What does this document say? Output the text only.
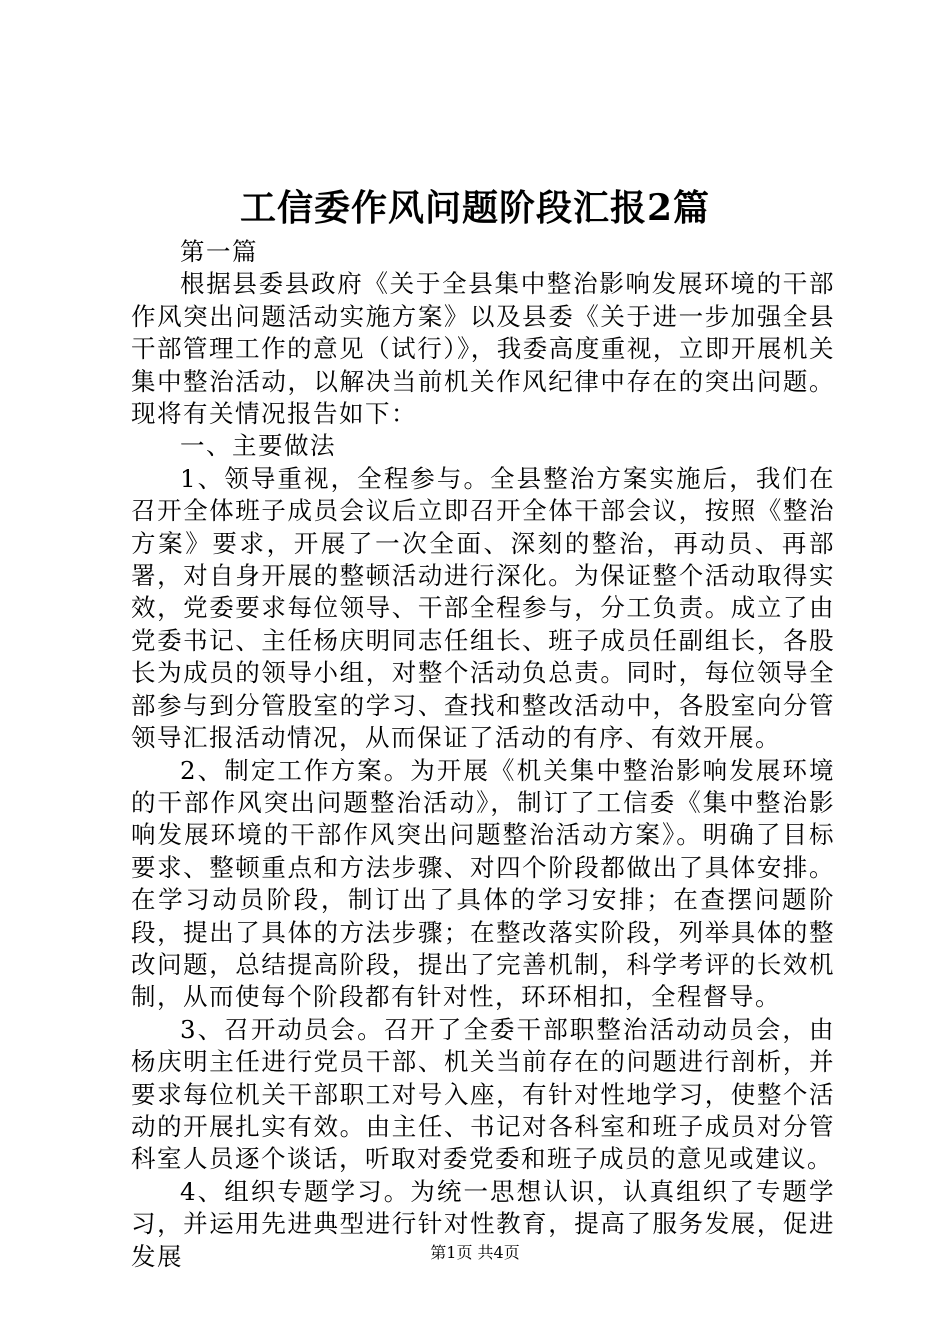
工信委作风问题阶段汇报2篇

第一篇

根据县委县政府《关于全县集中整治影响发展环境的干部作风突出问题活动实施方案》以及县委《关于进一步加强全县干部管理工作的意见（试行）》，我委高度重视，立即开展机关集中整治活动，以解决当前机关作风纪律中存在的突出问题。现将有关情况报告如下：

一、主要做法

1、领导重视，全程参与。全县整治方案实施后，我们在召开全体班子成员会议后立即召开全体干部会议，按照《整治方案》要求，开展了一次全面、深刻的整治，再动员、再部署，对自身开展的整顿活动进行深化。为保证整个活动取得实效，党委要求每位领导、干部全程参与，分工负责。成立了由党委书记、主任杨庆明同志任组长、班子成员任副组长，各股长为成员的领导小组，对整个活动负总责。同时，每位领导全部参与到分管股室的学习、查找和整改活动中，各股室向分管领导汇报活动情况，从而保证了活动的有序、有效开展。

2、制定工作方案。为开展《机关集中整治影响发展环境的干部作风突出问题整治活动》，制订了工信委《集中整治影响发展环境的干部作风突出问题整治活动方案》。明确了目标要求、整顿重点和方法步骤、对四个阶段都做出了具体安排。在学习动员阶段，制订出了具体的学习安排；在查摆问题阶段，提出了具体的方法步骤；在整改落实阶段，列举具体的整改问题，总结提高阶段，提出了完善机制，科学考评的长效机制，从而使每个阶段都有针对性，环环相扣，全程督导。

3、召开动员会。召开了全委干部职整治活动动员会，由杨庆明主任进行党员干部、机关当前存在的问题进行剖析，并要求每位机关干部职工对号入座，有针对性地学习，使整个活动的开展扎实有效。由主任、书记对各科室和班子成员对分管科室人员逐个谈话，听取对委党委和班子成员的意见或建议。

4、组织专题学习。为统一思想认识，认真组织了专题学习，并运用先进典型进行针对性教育，提高了服务发展，促进发展	第1页 共4页
